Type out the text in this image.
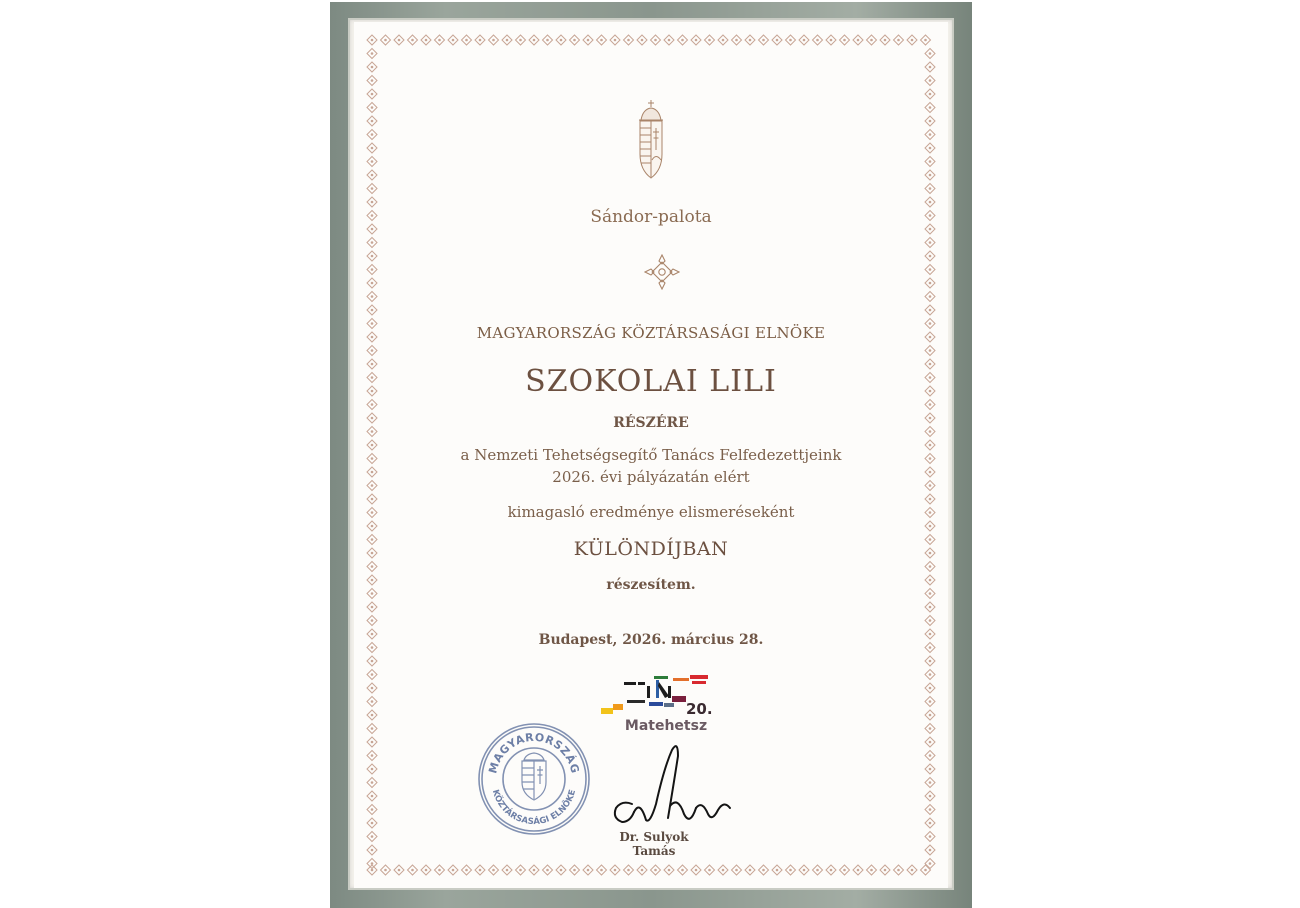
Sándor-palota

MAGYARORSZÁG KÖZTÁRSASÁGI ELNÖKE

SZOKOLAI LILI

RÉSZÉRE

a Nemzeti Tehetségsegítő Tanács Felfedezettjeink

2026. évi pályázatán elért

kimagasló eredménye elismeréseként

KÜLÖNDÍJBAN

részesítem.

Budapest, 2026. március 28.

20.
Matehetsz
MAGYARORSZÁG
KÖZTÁRSASÁGI ELNÖKE
Dr. Sulyok Tamás
